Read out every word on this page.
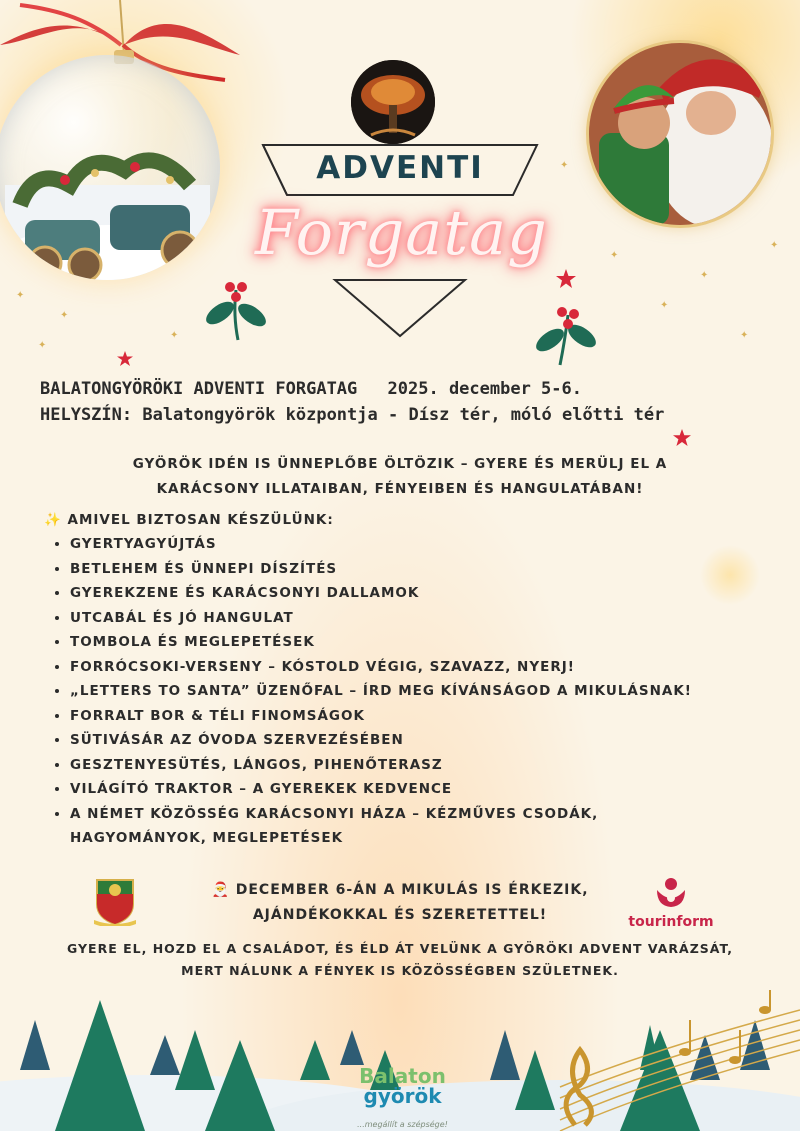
ADVENTI
Forgatag
✦
✦
✦
✦
✦
✦
✦
✦
✦
✦
BALATONGYÖRÖKI ADVENTI FORGATAG 2025. december 5-6.
HELYSZÍN: Balatongyörök központja - Dísz tér, móló előtti tér
GYÖRÖK IDÉN IS ÜNNEPLŐBE ÖLTÖZIK – GYERE ÉS MERÜLJ EL A
KARÁCSONY ILLATAIBAN, FÉNYEIBEN ÉS HANGULATÁBAN!
✨ AMIVEL BIZTOSAN KÉSZÜLÜNK:
• GYERTYAGYÚJTÁS
• BETLEHEM ÉS ÜNNEPI DÍSZÍTÉS
• GYEREKZENE ÉS KARÁCSONYI DALLAMOK
• UTCABÁL ÉS JÓ HANGULAT
• TOMBOLA ÉS MEGLEPETÉSEK
• FORRÓCSOKI-VERSENY – KÓSTOLD VÉGIG, SZAVAZZ, NYERJ!
• „LETTERS TO SANTA” ÜZENŐFAL – ÍRD MEG KÍVÁNSÁGOD A MIKULÁSNAK!
• FORRALT BOR & TÉLI FINOMSÁGOK
• SÜTIVÁSÁR AZ ÓVODA SZERVEZÉSÉBEN
• GESZTENYESÜTÉS, LÁNGOS, PIHENŐTERASZ
• VILÁGÍTÓ TRAKTOR – A GYEREKEK KEDVENCE
• A NÉMET KÖZÖSSÉG KARÁCSONYI HÁZA – KÉZMŰVES CSODÁK, HAGYOMÁNYOK, MEGLEPETÉSEK
🎅 DECEMBER 6-ÁN A MIKULÁS IS ÉRKEZIK,
AJÁNDÉKOKKAL ÉS SZERETETTEL!	tourinform
GYERE EL, HOZD EL A CSALÁDOT, ÉS ÉLD ÁT VELÜNK A GYÖRÖKI ADVENT VARÁZSÁT,
MERT NÁLUNK A FÉNYEK IS KÖZÖSSÉGBEN SZÜLETNEK.
Balaton
györök
...megállít a szépsége!
